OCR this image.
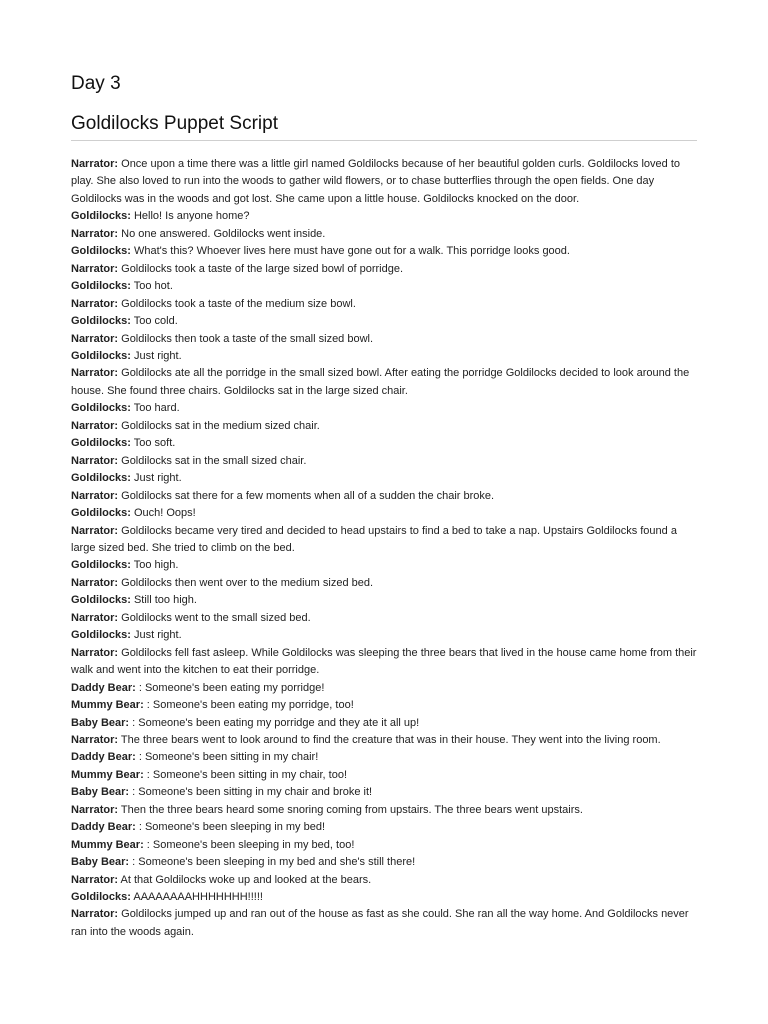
Day 3
Goldilocks Puppet Script

Narrator: Once upon a time there was a little girl named Goldilocks because of her beautiful golden curls. Goldilocks loved to play. She also loved to run into the woods to gather wild flowers, or to chase butterflies through the open fields. One day Goldilocks was in the woods and got lost. She came upon a little house. Goldilocks knocked on the door.

Goldilocks: Hello! Is anyone home?

Narrator: No one answered. Goldilocks went inside.

Goldilocks: What's this? Whoever lives here must have gone out for a walk. This porridge looks good.

Narrator: Goldilocks took a taste of the large sized bowl of porridge.

Goldilocks: Too hot.

Narrator: Goldilocks took a taste of the medium size bowl.

Goldilocks: Too cold.

Narrator: Goldilocks then took a taste of the small sized bowl.

Goldilocks: Just right.

Narrator: Goldilocks ate all the porridge in the small sized bowl. After eating the porridge Goldilocks decided to look around the house. She found three chairs. Goldilocks sat in the large sized chair.

Goldilocks: Too hard.

Narrator: Goldilocks sat in the medium sized chair.

Goldilocks: Too soft.

Narrator: Goldilocks sat in the small sized chair.

Goldilocks: Just right.

Narrator: Goldilocks sat there for a few moments when all of a sudden the chair broke.

Goldilocks: Ouch! Oops!

Narrator: Goldilocks became very tired and decided to head upstairs to find a bed to take a nap. Upstairs Goldilocks found a large sized bed. She tried to climb on the bed.

Goldilocks: Too high.

Narrator: Goldilocks then went over to the medium sized bed.

Goldilocks: Still too high.

Narrator: Goldilocks went to the small sized bed.

Goldilocks: Just right.

Narrator: Goldilocks fell fast asleep. While Goldilocks was sleeping the three bears that lived in the house came home from their walk and went into the kitchen to eat their porridge.

Daddy Bear: : Someone's been eating my porridge!

Mummy Bear: : Someone's been eating my porridge, too!

Baby Bear: : Someone's been eating my porridge and they ate it all up!

Narrator: The three bears went to look around to find the creature that was in their house. They went into the living room.

Daddy Bear: : Someone's been sitting in my chair!

Mummy Bear: : Someone's been sitting in my chair, too!

Baby Bear: : Someone's been sitting in my chair and broke it!

Narrator: Then the three bears heard some snoring coming from upstairs. The three bears went upstairs.

Daddy Bear: : Someone's been sleeping in my bed!

Mummy Bear: : Someone's been sleeping in my bed, too!

Baby Bear: : Someone's been sleeping in my bed and she's still there!

Narrator: At that Goldilocks woke up and looked at the bears.

Goldilocks: AAAAAAAAHHHHHHH!!!!!

Narrator: Goldilocks jumped up and ran out of the house as fast as she could. She ran all the way home. And Goldilocks never ran into the woods again.
